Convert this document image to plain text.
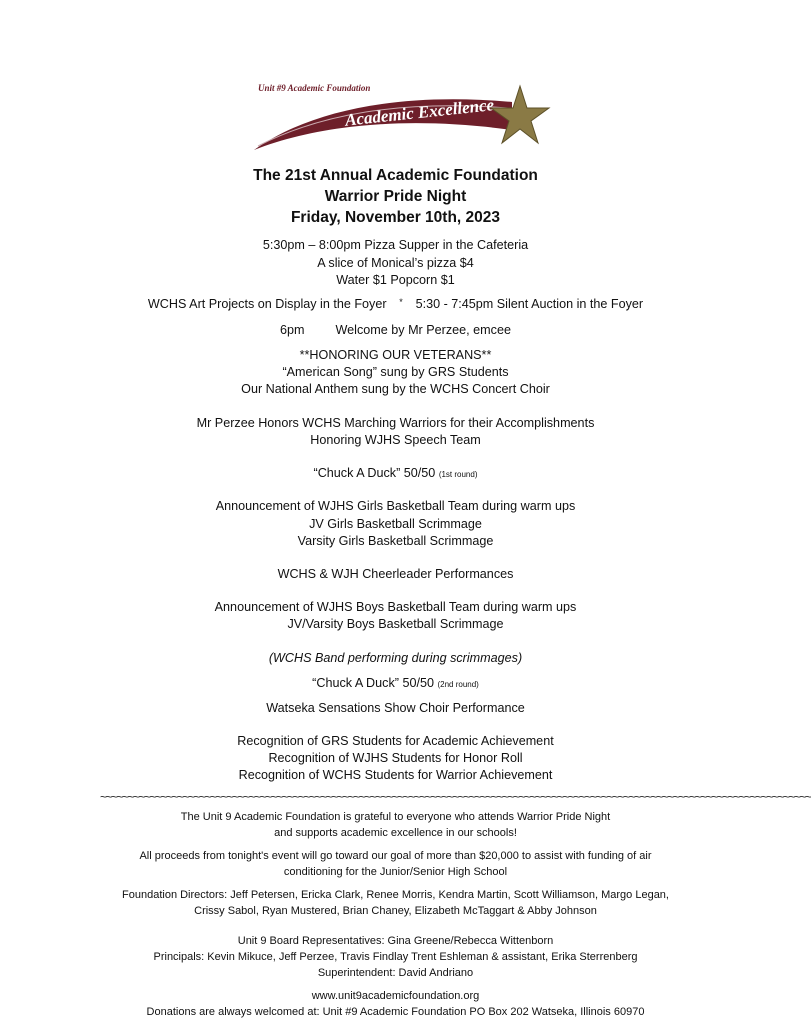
Unit #9 Academic Foundation
Academic Excellence
The 21st Annual Academic Foundation
Warrior Pride Night
Friday, November 10th, 2023
5:30pm – 8:00pm Pizza Supper in the Cafeteria
A slice of Monical’s pizza $4
Water $1 Popcorn $1
WCHS Art Projects on Display in the Foyer * 5:30 - 7:45pm Silent Auction in the Foyer
6pm Welcome by Mr Perzee, emcee
**HONORING OUR VETERANS**
“American Song” sung by GRS Students
Our National Anthem sung by the WCHS Concert Choir
Mr Perzee Honors WCHS Marching Warriors for their Accomplishments
Honoring WJHS Speech Team
“Chuck A Duck” 50/50 (1st round)
Announcement of WJHS Girls Basketball Team during warm ups
JV Girls Basketball Scrimmage
Varsity Girls Basketball Scrimmage
WCHS & WJH Cheerleader Performances
Announcement of WJHS Boys Basketball Team during warm ups
JV/Varsity Boys Basketball Scrimmage
(WCHS Band performing during scrimmages)
“Chuck A Duck” 50/50 (2nd round)
Watseka Sensations Show Choir Performance
Recognition of GRS Students for Academic Achievement
Recognition of WJHS Students for Honor Roll
Recognition of WCHS Students for Warrior Achievement
~~~~~~~~~~~~~~~~~~~~~~~~~~~~~~~~~~~~~~~~~~~~~~~~~~~~~~~~~~~~~~~~~~~~~~~~~~~~~~~~~~~~~~~~~~~~~~~~~~~~~~~~~~~~~~~~~~~~~~~~~~~~~~~~~
The Unit 9 Academic Foundation is grateful to everyone who attends Warrior Pride Night
and supports academic excellence in our schools!
All proceeds from tonight's event will go toward our goal of more than $20,000 to assist with funding of air
conditioning for the Junior/Senior High School
Foundation Directors: Jeff Petersen, Ericka Clark, Renee Morris, Kendra Martin, Scott Williamson, Margo Legan,
Crissy Sabol, Ryan Mustered, Brian Chaney, Elizabeth McTaggart & Abby Johnson
Unit 9 Board Representatives: Gina Greene/Rebecca Wittenborn
Principals: Kevin Mikuce, Jeff Perzee, Travis Findlay Trent Eshleman & assistant, Erika Sterrenberg
Superintendent: David Andriano
www.unit9academicfoundation.org
Donations are always welcomed at: Unit #9 Academic Foundation PO Box 202 Watseka, Illinois 60970
